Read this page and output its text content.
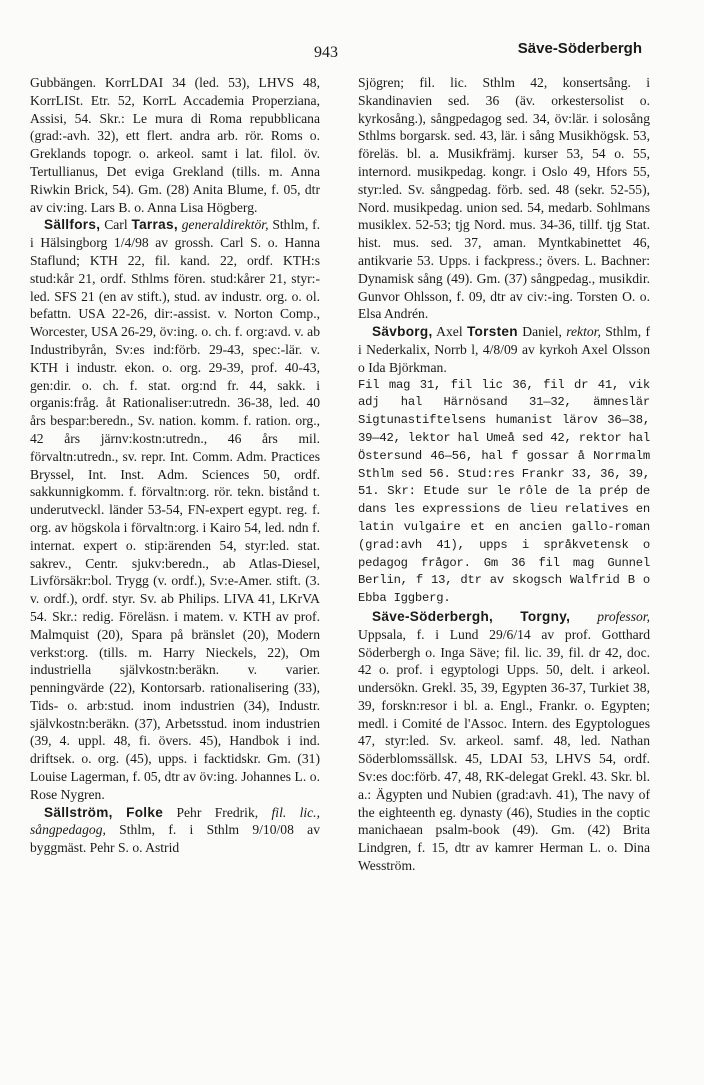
943	Säve-Söderbergh

Gubbängen. KorrLDAI 34 (led. 53), LHVS 48, KorrLISt. Etr. 52, KorrL Accademia Properziana, Assisi, 54. Skr.: Le mura di Roma repubblicana (grad:-avh. 32), ett flert. andra arb. rör. Roms o. Greklands topogr. o. arkeol. samt i lat. filol. öv. Tertullianus, Det eviga Grekland (tills. m. Anna Riwkin Brick, 54). Gm. (28) Anita Blume, f. 05, dtr av civ:ing. Lars B. o. Anna Lisa Högberg.

Sällfors, Carl Tarras, generaldirektör, Sthlm, f. i Hälsingborg 1/4/98 av grossh. Carl S. o. Hanna Staflund; KTH 22, fil. kand. 22, ordf. KTH:s stud:kår 21, ordf. Sthlms fören. stud:kårer 21, styr:-led. SFS 21 (en av stift.), stud. av industr. org. o. ol. befattn. USA 22-26, dir:-assist. v. Norton Comp., Worcester, USA 26-29, öv:ing. o. ch. f. org:avd. v. ab Industribyrån, Sv:es ind:förb. 29-43, spec:-lär. v. KTH i industr. ekon. o. org. 29-39, prof. 40-43, gen:dir. o. ch. f. stat. org:nd fr. 44, sakk. i organis:fråg. åt Rationaliser:utredn. 36-38, led. 40 års bespar:beredn., Sv. nation. komm. f. ration. org., 42 års järnv:kostn:utredn., 46 års mil. förvaltn:utredn., sv. repr. Int. Comm. Adm. Practices Bryssel, Int. Inst. Adm. Sciences 50, ordf. sakkunnigkomm. f. förvaltn:org. rör. tekn. bistånd t. underutveckl. länder 53-54, FN-expert egypt. reg. f. org. av högskola i förvaltn:org. i Kairo 54, led. ndn f. internat. expert o. stip:ärenden 54, styr:led. stat. sakrev., Centr. sjukv:beredn., ab Atlas-Diesel, Livförsäkr:bol. Trygg (v. ordf.), Sv:e-Amer. stift. (3. v. ordf.), ordf. styr. Sv. ab Philips. LIVA 41, LKrVA 54. Skr.: redig. Föreläsn. i matem. v. KTH av prof. Malmquist (20), Spara på bränslet (20), Modern verkst:org. (tills. m. Harry Nieckels, 22), Om industriella självkostn:beräkn. v. varier. penningvärde (22), Kontorsarb. rationalisering (33), Tids- o. arb:stud. inom industrien (34), Industr. självkostn:beräkn. (37), Arbetsstud. inom industrien (39, 4. uppl. 48, fi. övers. 45), Handbok i ind. driftsek. o. org. (45), upps. i facktidskr. Gm. (31) Louise Lagerman, f. 05, dtr av öv:ing. Johannes L. o. Rose Nygren.

Sällström, Folke Pehr Fredrik, fil. lic., sångpedagog, Sthlm, f. i Sthlm 9/10/08 av byggmäst. Pehr S. o. Astrid

Sjögren; fil. lic. Sthlm 42, konsertsång. i Skandinavien sed. 36 (äv. orkestersolist o. kyrkosång.), sångpedagog sed. 34, öv:lär. i solosång Sthlms borgarsk. sed. 43, lär. i sång Musikhögsk. 53, föreläs. bl. a. Musikfrämj. kurser 53, 54 o. 55, internord. musikpedag. kongr. i Oslo 49, Hfors 55, styr:led. Sv. sångpedag. förb. sed. 48 (sekr. 52-55), Nord. musikpedag. union sed. 54, medarb. Sohlmans musiklex. 52-53; tjg Nord. mus. 34-36, tillf. tjg Stat. hist. mus. sed. 37, aman. Myntkabinettet 46, antikvarie 53. Upps. i fackpress.; övers. L. Bachner: Dynamisk sång (49). Gm. (37) sångpedag., musikdir. Gunvor Ohlsson, f. 09, dtr av civ:-ing. Torsten O. o. Elsa Andrén.

Sävborg, Axel Torsten Daniel, rektor, Sthlm, f i Nederkalix, Norrb l, 4/8/09 av kyrkoh Axel Olsson o Ida Björkman.

Fil mag 31, fil lic 36, fil dr 41, vik adj hal Härnösand 31—32, ämneslär Sigtunastiftelsens humanist lärov 36—38, 39—42, lektor hal Umeå sed 42, rektor hal Östersund 46—56, hal f gossar å Norrmalm Sthlm sed 56. Stud:res Frankr 33, 36, 39, 51. Skr: Etude sur le rôle de la prép de dans les expressions de lieu relatives en latin vulgaire et en ancien gallo-roman (grad:avh 41), upps i språkvetensk o pedagog frågor. Gm 36 fil mag Gunnel Berlin, f 13, dtr av skogsch Walfrid B o Ebba Iggberg.

Säve-Söderbergh, Torgny, professor, Uppsala, f. i Lund 29/6/14 av prof. Gotthard Söderbergh o. Inga Säve; fil. lic. 39, fil. dr 42, doc. 42 o. prof. i egyptologi Upps. 50, delt. i arkeol. undersökn. Grekl. 35, 39, Egypten 36-37, Turkiet 38, 39, forskn:resor i bl. a. Engl., Frankr. o. Egypten; medl. i Comité de l'Assoc. Intern. des Egyptologues 47, styr:led. Sv. arkeol. samf. 48, led. Nathan Söderblomssällsk. 45, LDAI 53, LHVS 54, ordf. Sv:es doc:förb. 47, 48, RK-delegat Grekl. 43. Skr. bl. a.: Ägypten und Nubien (grad:avh. 41), The navy of the eighteenth eg. dynasty (46), Studies in the coptic manichaean psalm-book (49). Gm. (42) Brita Lindgren, f. 15, dtr av kamrer Herman L. o. Dina Wesström.
